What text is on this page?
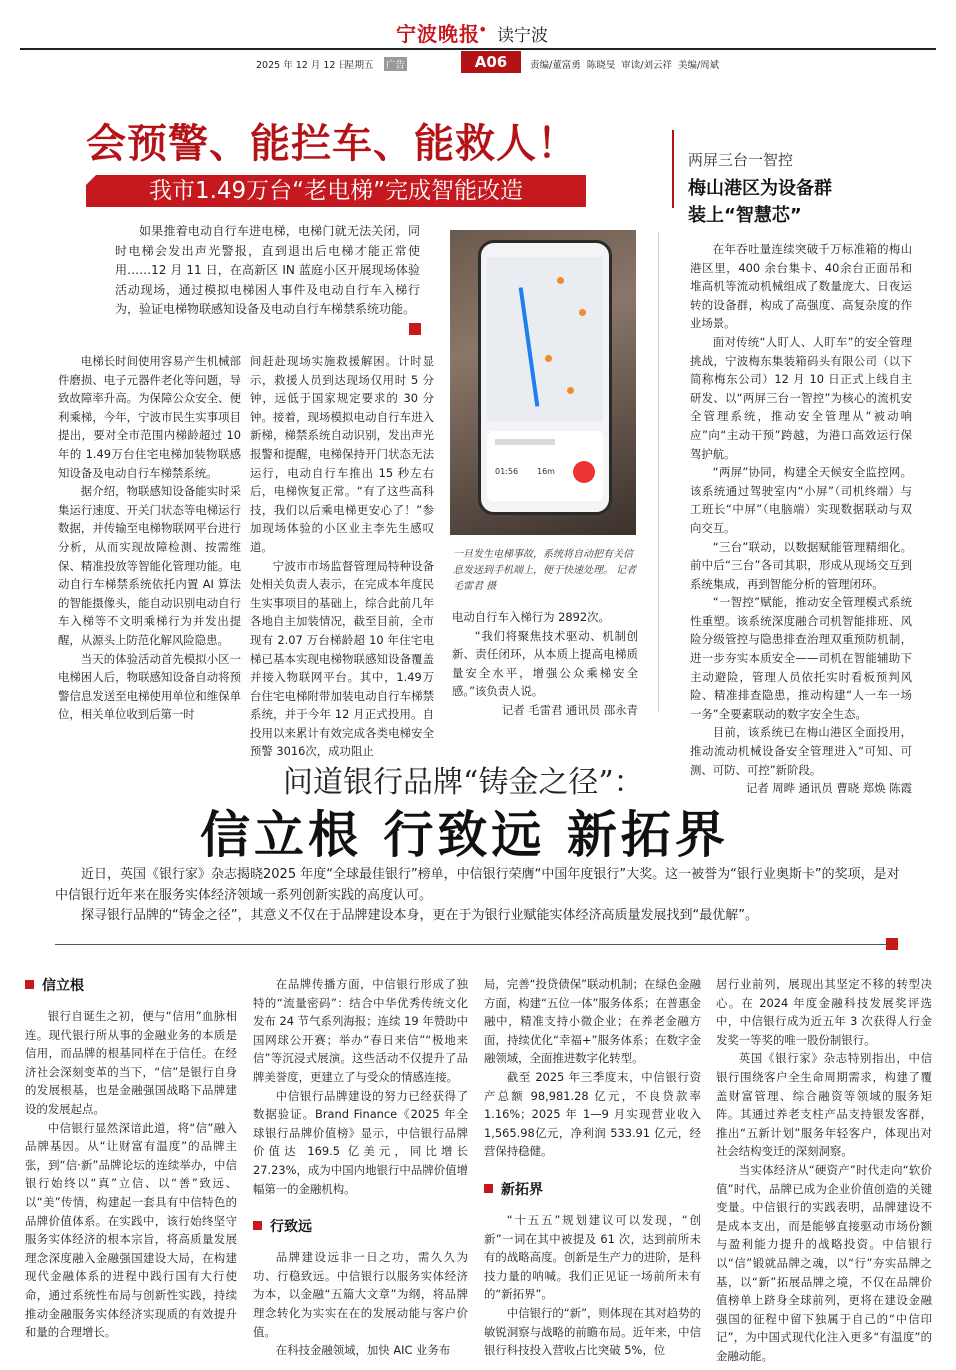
宁波晚报
• 读宁波
2025 年 12 月 12 日
星期五 广告	A06	责编/董富勇 陈晓旻 审读/刘云祥 美编/周斌
会预警、能拦车、能救人！
我市1.49万台“老电梯”完成智能改造

如果推着电动自行车进电梯，电梯门就无法关闭，同时电梯会发出声光警报，直到退出后电梯才能正常使用……12 月 11 日，在高新区 IN 蓝庭小区开展现场体验活动现场，通过模拟电梯困人事件及电动自行车入梯行为，验证电梯物联感知设备及电动自行车梯禁系统功能。

电梯长时间使用容易产生机械部件磨损、电子元器件老化等问题，导致故障率升高。为保障公众安全、便利乘梯，今年，宁波市民生实事项目提出，要对全市范围内梯龄超过 10年的 1.49万台住宅电梯加装物联感知设备及电动自行车梯禁系统。

据介绍，物联感知设备能实时采集运行速度、开关门状态等电梯运行数据，并传输至电梯物联网平台进行分析，从而实现故障检测、按需维保、精准投放等智能化管理功能。电动自行车梯禁系统依托内置 AI 算法的智能摄像头，能自动识别电动自行车入梯等不文明乘梯行为并发出提醒，从源头上防范化解风险隐患。

当天的体验活动首先模拟小区一电梯困人后，物联感知设备自动将预警信息发送至电梯使用单位和维保单位，相关单位收到后第一时

间赶赴现场实施救援解困。计时显示，救援人员到达现场仅用时 5 分钟，远低于国家规定要求的 30 分钟。接着，现场模拟电动自行车进入新梯，梯禁系统自动识别，发出声光报警和提醒，电梯保持开门状态无法运行，电动自行车推出 15 秒左右后，电梯恢复正常。“有了这些高科技，我们以后乘电梯更安心了！”参加现场体验的小区业主李先生感叹道。

宁波市市场监督管理局特种设备处相关负责人表示，在完成本年度民生实事项目的基础上，综合此前几年各地自主加装情况，截至目前，全市现有 2.07 万台梯龄超 10 年住宅电梯已基本实现电梯物联感知设备覆盖并接入物联网平台。其中，1.49万台住宅电梯附带加装电动自行车梯禁系统，并于今年 12 月正式投用。自投用以来累计有效完成各类电梯安全预警 3016次，成功阻止

01:56 16m
一旦发生电梯事故，系统将自动把有关信息发送到手机端上，便于快速处理。 记者 毛雷君 摄

电动自行车入梯行为 2892次。

“我们将聚焦技术驱动、机制创新、责任闭环，从本质上提高电梯质量安全水平，增强公众乘梯安全感。”该负责人说。

记者 毛雷君 通讯员 邵永青

两屏三台一智控
梅山港区为设备群
装上“智慧芯”

在年吞吐量连续突破千万标准箱的梅山港区里，400 余台集卡、40余台正面吊和堆高机等流动机械组成了数量庞大、日夜运转的设备群，构成了高强度、高复杂度的作业场景。

面对传统“人盯人、人盯车”的安全管理挑战，宁波梅东集装箱码头有限公司（以下简称梅东公司）12 月 10 日正式上线自主研发、以“两屏三台一智控”为核心的流机安全管理系统，推动安全管理从“被动响应”向“主动干预”跨越，为港口高效运行保驾护航。

“两屏”协同，构建全天候安全监控网。该系统通过驾驶室内“小屏”（司机终端）与工班长“中屏”（电脑端）实现数据联动与双向交互。

“三台”联动，以数据赋能管理精细化。前中后“三台”各司其职，形成从现场交互到系统集成，再到智能分析的管理闭环。

“一智控”赋能，推动安全管理模式系统性重塑。该系统深度融合司机智能排班、风险分级管控与隐患排查治理双重预防机制，进一步夯实本质安全——司机在智能辅助下主动避险，管理人员依托实时看板预判风险、精准排查隐患，推动构建“人一车一场一务”全要素联动的数字安全生态。

目前，该系统已在梅山港区全面投用，推动流动机械设备安全管理进入“可知、可测、可防、可控”新阶段。

记者 周晔 通讯员 曹晓 郑焕 陈霞

问道银行品牌“铸金之径”：
信立根 行致远 新拓界

近日，英国《银行家》杂志揭晓2025 年度“全球最佳银行”榜单，中信银行荣膺“中国年度银行”大奖。这一被誉为“银行业奥斯卡”的奖项，是对中信银行近年来在服务实体经济领域一系列创新实践的高度认可。

探寻银行品牌的“铸金之径”，其意义不仅在于品牌建设本身，更在于为银行业赋能实体经济高质量发展找到“最优解”。

信立根

银行自诞生之初，便与“信用”血脉相连。现代银行所从事的金融业务的本质是信用，而品牌的根基同样在于信任。在经济社会深刻变革的当下，“信”是银行自身的发展根基，也是金融强国战略下品牌建设的发展起点。

中信银行显然深谙此道，将“信”融入品牌基因。从“让财富有温度”的品牌主张，到“信·新”品牌论坛的连续举办，中信银行始终以“真”立信、以“善”致远、以“美”传情，构建起一套具有中信特色的品牌价值体系。在实践中，该行始终坚守服务实体经济的根本宗旨，将高质量发展理念深度融入金融强国建设大局，在构建现代金融体系的进程中践行国有大行使命，通过系统性布局与创新性实践，持续推动金融服务实体经济实现质的有效提升和量的合理增长。

在品牌传播方面，中信银行形成了独特的“流量密码”：结合中华优秀传统文化发布 24 节气系列海报；连续 19 年赞助中国网球公开赛；举办“春日来信”“极地来信”等沉浸式展演。这些活动不仅提升了品牌美誉度，更建立了与受众的情感连接。

中信银行品牌建设的努力已经获得了数据验证。Brand Finance《2025 年全球银行品牌价值榜》显示，中信银行品牌价值达 169.5 亿美元，同比增长 27.23%，成为中国内地银行中品牌价值增幅第一的金融机构。

行致远

品牌建设远非一日之功，需久久为功、行稳致远。中信银行以服务实体经济为本，以金融“五篇大文章”为纲，将品牌理念转化为实实在在的发展动能与客户价值。

在科技金融领域，加快 AIC 业务布

局，完善“投贷债保”联动机制；在绿色金融方面，构建“五位一体”服务体系；在普惠金融中，精准支持小微企业；在养老金融方面，持续优化“幸福+”服务体系；在数字金融领域，全面推进数字化转型。

截至 2025 年三季度末，中信银行资产总额 98,981.28 亿元，不良贷款率 1.16%；2025 年 1—9 月实现营业收入 1,565.98亿元，净利润 533.91 亿元，经营保持稳健。

新拓界

“十五五”规划建议可以发现，“创新”一词在其中被提及 61 次，达到前所未有的战略高度。创新是生产力的进阶，是科技力量的呐喊。我们正见证一场前所未有的“新拓界”。

中信银行的“新”，则体现在其对趋势的敏锐洞察与战略的前瞻布局。近年来，中信银行科技投入营收占比突破 5%，位

居行业前列，展现出其坚定不移的转型决心。在 2024 年度金融科技发展奖评选中，中信银行成为近五年 3 次获得人行金发奖一等奖的唯一股份制银行。

英国《银行家》杂志特别指出，中信银行围绕客户全生命周期需求，构建了覆盖财富管理、综合融资等领域的服务矩阵。其通过养老支柱产品支持银发客群，推出“五新计划”服务年轻客户，体现出对社会结构变迁的深刻洞察。

当实体经济从“硬资产”时代走向“软价值”时代，品牌已成为企业价值创造的关键变量。中信银行的实践表明，品牌建设不是成本支出，而是能够直接驱动市场份额与盈利能力提升的战略投资。中信银行以“信”锻就品牌之魂，以“行”夯实品牌之基，以“新”拓展品牌之境，不仅在品牌价值榜单上跻身全球前列，更将在建设金融强国的征程中留下独属于自己的“中信印记”，为中国式现代化注入更多“有温度”的金融动能。
